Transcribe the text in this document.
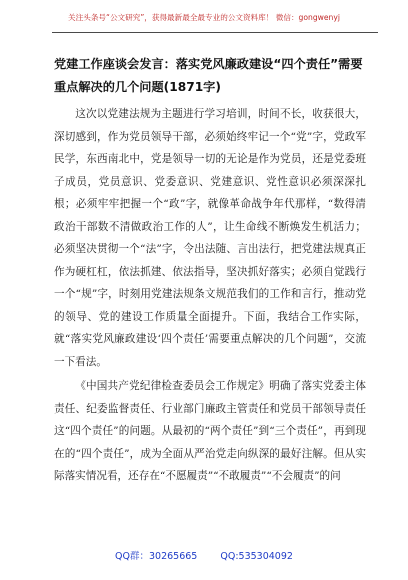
关注头条号“公文研究”，获得最新最全最专业的公文资料库！ 微信：gongwenyj
党建工作座谈会发言：落实党风廉政建设“四个责任”需要重点解决的几个问题(1871字)

这次以党建法规为主题进行学习培训，时间不长，收获很大，深切感到，作为党员领导干部，必须始终牢记一个“党”字，党政军民学，东西南北中，党是领导一切的无论是作为党员，还是党委班子成员，党员意识、党委意识、党建意识、党性意识必须深深扎根；必须牢牢把握一个“政”字，就像革命战争年代那样，“数得清政治干部数不清做政治工作的人”，让生命线不断焕发生机活力；必须坚决贯彻一个“法”字，令出法随、言出法行，把党建法规真正作为硬杠杠，依法抓建、依法指导，坚决抓好落实；必须自觉践行一个“规”字，时刻用党建法规条文规范我们的工作和言行，推动党的领导、党的建设工作质量全面提升。下面，我结合工作实际，就“落实党风廉政建设‘四个责任’需要重点解决的几个问题”，交流一下看法。

《中国共产党纪律检查委员会工作规定》明确了落实党委主体责任、纪委监督责任、行业部门廉政主管责任和党员干部领导责任这“四个责任”的问题。从最初的“两个责任”到“三个责任”，再到现在的“四个责任”，成为全面从严治党走向纵深的最好注解。但从实际落实情况看，还存在“不愿履责”“不敢履责”“不会履责”的问

QQ群：30265665 QQ:535304092
